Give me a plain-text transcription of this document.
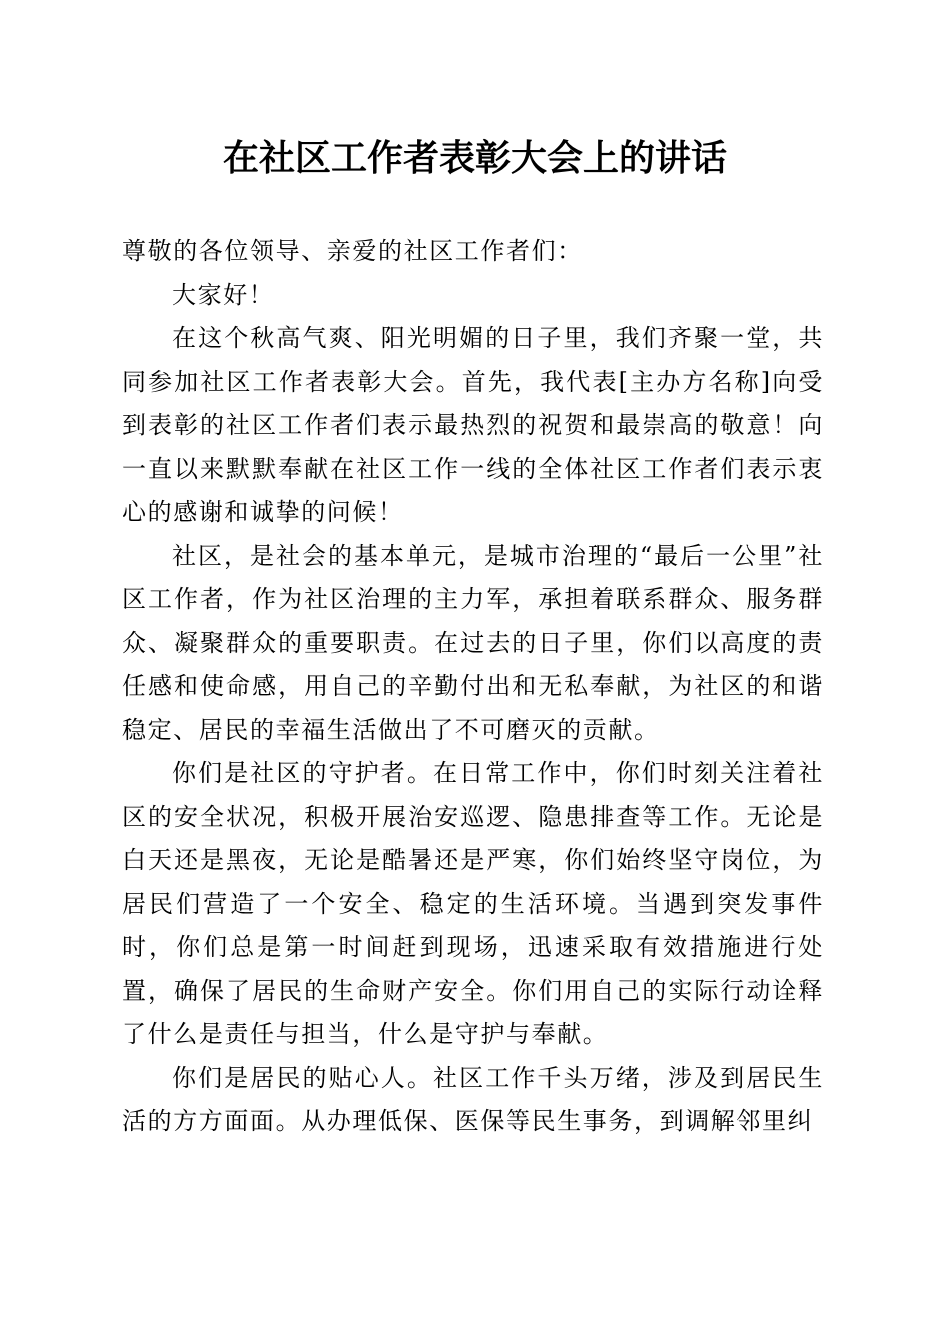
在社区工作者表彰大会上的讲话

尊敬的各位领导、亲爱的社区工作者们：

大家好！

在这个秋高气爽、阳光明媚的日子里，我们齐聚一堂，共同参加社区工作者表彰大会。首先，我代表[主办方名称]向受到表彰的社区工作者们表示最热烈的祝贺和最崇高的敬意！向一直以来默默奉献在社区工作一线的全体社区工作者们表示衷心的感谢和诚挚的问候！

社区，是社会的基本单元，是城市治理的“最后一公里”社区工作者，作为社区治理的主力军，承担着联系群众、服务群众、凝聚群众的重要职责。在过去的日子里，你们以高度的责任感和使命感，用自己的辛勤付出和无私奉献，为社区的和谐稳定、居民的幸福生活做出了不可磨灭的贡献。

你们是社区的守护者。在日常工作中，你们时刻关注着社区的安全状况，积极开展治安巡逻、隐患排查等工作。无论是白天还是黑夜，无论是酷暑还是严寒，你们始终坚守岗位，为居民们营造了一个安全、稳定的生活环境。当遇到突发事件时，你们总是第一时间赶到现场，迅速采取有效措施进行处置，确保了居民的生命财产安全。你们用自己的实际行动诠释了什么是责任与担当，什么是守护与奉献。

你们是居民的贴心人。社区工作千头万绪，涉及到居民生活的方方面面。从办理低保、医保等民生事务，到调解邻里纠
